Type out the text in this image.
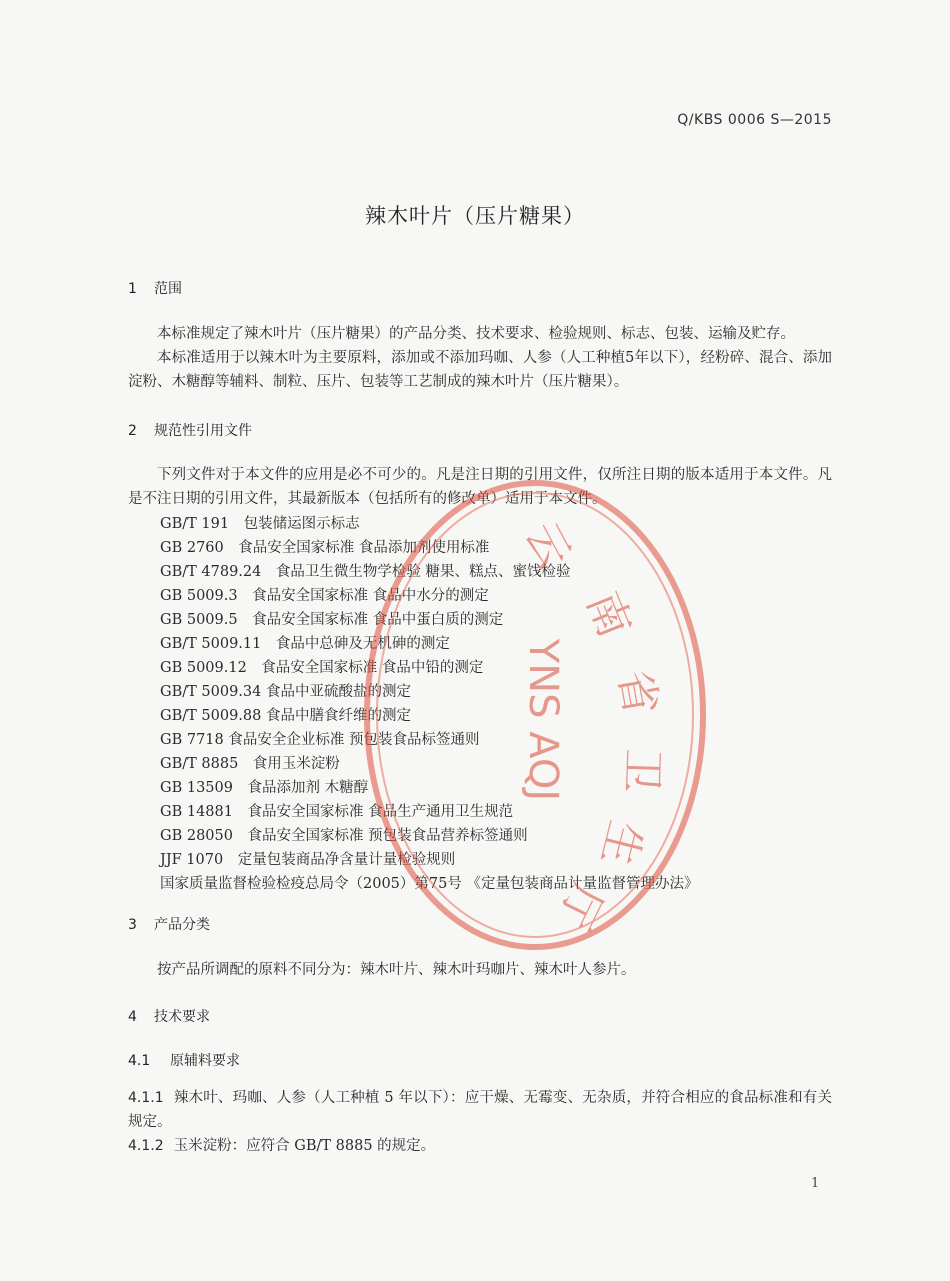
Q/KBS 0006 S—2015
辣木叶片（压片糖果）
1 范围
本标准规定了辣木叶片（压片糖果）的产品分类、技术要求、检验规则、标志、包装、运输及贮存。
本标准适用于以辣木叶为主要原料，添加或不添加玛咖、人参（人工种植5年以下），经粉碎、混合、添加淀粉、木糖醇等辅料、制粒、压片、包装等工艺制成的辣木叶片（压片糖果）。
2 规范性引用文件
下列文件对于本文件的应用是必不可少的。凡是注日期的引用文件，仅所注日期的版本适用于本文件。凡是不注日期的引用文件，其最新版本（包括所有的修改单）适用于本文件。
GB/T 191　包装储运图示标志
GB 2760　食品安全国家标准 食品添加剂使用标准
GB/T 4789.24　食品卫生微生物学检验 糖果、糕点、蜜饯检验
GB 5009.3　食品安全国家标准 食品中水分的测定
GB 5009.5　食品安全国家标准 食品中蛋白质的测定
GB/T 5009.11　食品中总砷及无机砷的测定
GB 5009.12　食品安全国家标准 食品中铅的测定
GB/T 5009.34 食品中亚硫酸盐的测定
GB/T 5009.88 食品中膳食纤维的测定
GB 7718 食品安全企业标准 预包装食品标签通则
GB/T 8885　食用玉米淀粉
GB 13509　食品添加剂 木糖醇
GB 14881　食品安全国家标准 食品生产通用卫生规范
GB 28050　食品安全国家标准 预包装食品营养标签通则
JJF 1070　定量包装商品净含量计量检验规则
国家质量监督检验检疫总局令（2005）第75号 《定量包装商品计量监督管理办法》
3 产品分类
按产品所调配的原料不同分为：辣木叶片、辣木叶玛咖片、辣木叶人参片。
4 技术要求
4.1 原辅料要求
4.1.1 辣木叶、玛咖、人参（人工种植 5 年以下）：应干燥、无霉变、无杂质，并符合相应的食品标准和有关规定。
4.1.2 玉米淀粉：应符合 GB/T 8885 的规定。
1
云
南
省
卫
生
厅
YNS AQJ
